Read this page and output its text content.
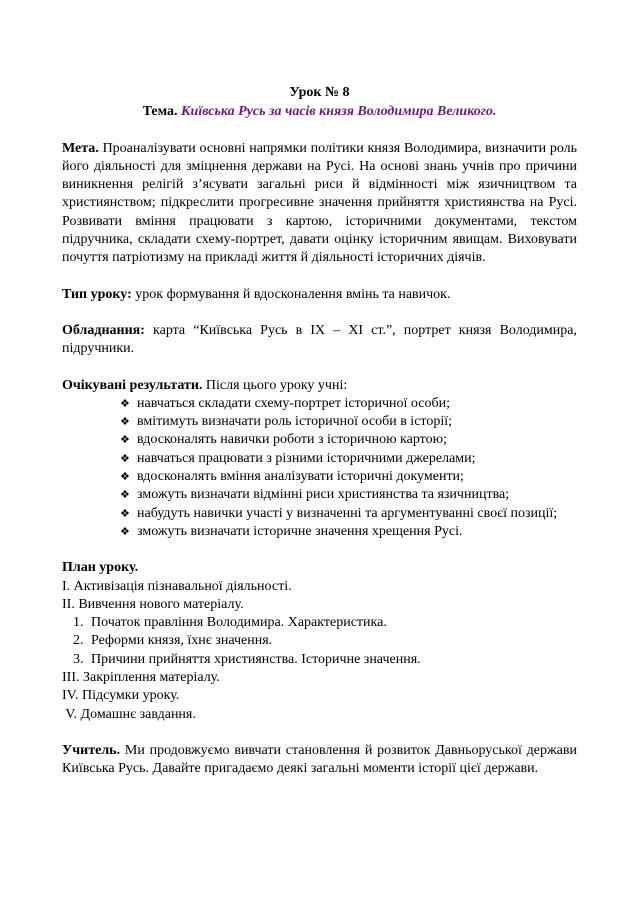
Урок № 8

Тема. Київська Русь за часів князя Володимира Великого.

Мета. Проаналізувати основні напрямки політики князя Володимира, визначити роль його діяльності для зміцнення держави на Русі. На основі знань учнів про причини виникнення релігій з’ясувати загальні риси й відмінності між язичництвом та християнством; підкреслити прогресивне значення прийняття християнства на Русі. Розвивати вміння працювати з картою, історичними документами, текстом підручника, складати схему-портрет, давати оцінку історичним явищам. Виховувати почуття патріотизму на прикладі життя й діяльності історичних діячів.

Тип уроку: урок формування й вдосконалення вмінь та навичок.

Обладнання: карта “Київська Русь в IX – XI ст.”, портрет князя Володимира, підручники.

Очікувані результати. Після цього уроку учні:

❖ навчаться складати схему-портрет історичної особи;
❖ вмітимуть визначати роль історичної особи в історії;
❖ вдосконалять навички роботи з історичною картою;
❖ навчаться працювати з різними історичними джерелами;
❖ вдосконалять вміння аналізувати історичні документи;
❖ зможуть визначати відмінні риси християнства та язичництва;
❖ набудуть навички участі у визначенні та аргументуванні своєї позиції;
❖ зможуть визначати історичне значення хрещення Русі.

План уроку.

I. Активізація пізнавальної діяльності.

II. Вивчення нового матеріалу.

1. Початок правління Володимира. Характеристика.

2. Реформи князя, їхнє значення.

3. Причини прийняття християнства. Історичне значення.

III. Закріплення матеріалу.

IV. Підсумки уроку.

V. Домашнє завдання.

Учитель. Ми продовжуємо вивчати становлення й розвиток Давньоруської держави Київська Русь. Давайте пригадаємо деякі загальні моменти історії цієї держави.
